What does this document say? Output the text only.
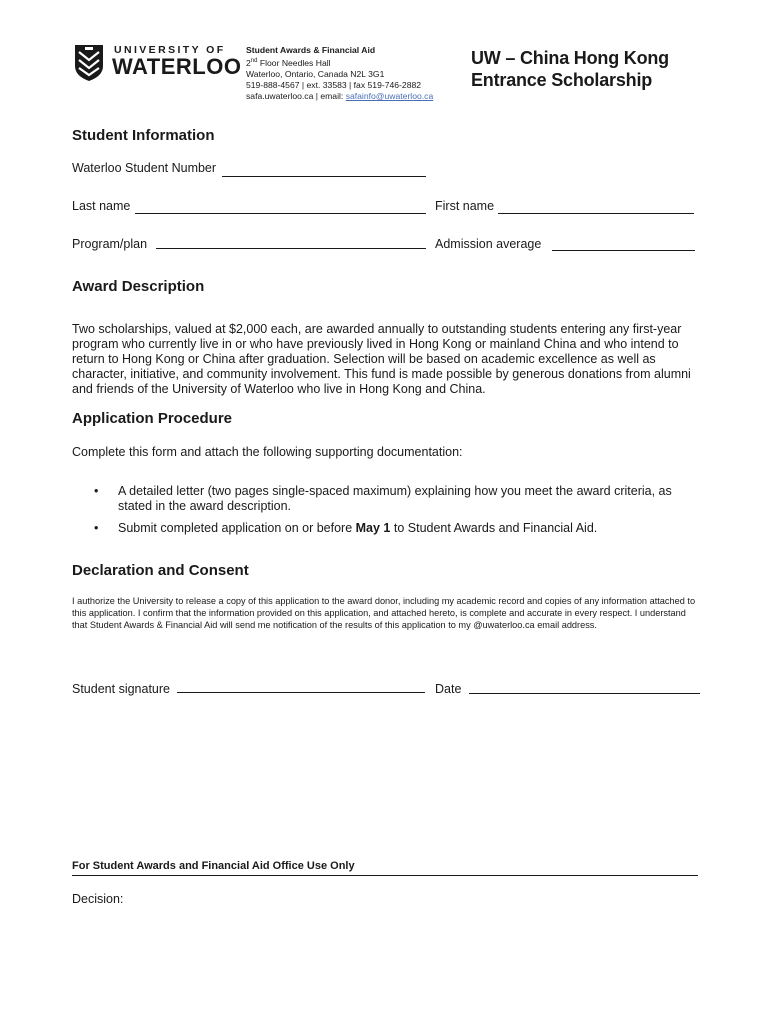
UNIVERSITY OF
WATERLOO
Student Awards & Financial Aid
2nd Floor Needles Hall
Waterloo, Ontario, Canada N2L 3G1
519-888-4567 | ext. 33583 | fax 519-746-2882
safa.uwaterloo.ca | email: safainfo@uwaterloo.ca
UW – China Hong Kong
Entrance Scholarship
Student Information
Waterloo Student Number
Last name	First name
Program/plan	Admission average
Award Description
Two scholarships, valued at $2,000 each, are awarded annually to outstanding students entering any first-year program who currently live in or who have previously lived in Hong Kong or mainland China and who intend to return to Hong Kong or China after graduation. Selection will be based on academic excellence as well as character, initiative, and community involvement. This fund is made possible by generous donations from alumni and friends of the University of Waterloo who live in Hong Kong and China.
Application Procedure
Complete this form and attach the following supporting documentation:
• A detailed letter (two pages single-spaced maximum) explaining how you meet the award criteria, as stated in the award description.
• Submit completed application on or before May 1 to Student Awards and Financial Aid.
Declaration and Consent
I authorize the University to release a copy of this application to the award donor, including my academic record and copies of any information attached to this application. I confirm that the information provided on this application, and attached hereto, is complete and accurate in every respect. I understand that Student Awards & Financial Aid will send me notification of the results of this application to my @uwaterloo.ca email address.
Student signature	Date
For Student Awards and Financial Aid Office Use Only
Decision:
